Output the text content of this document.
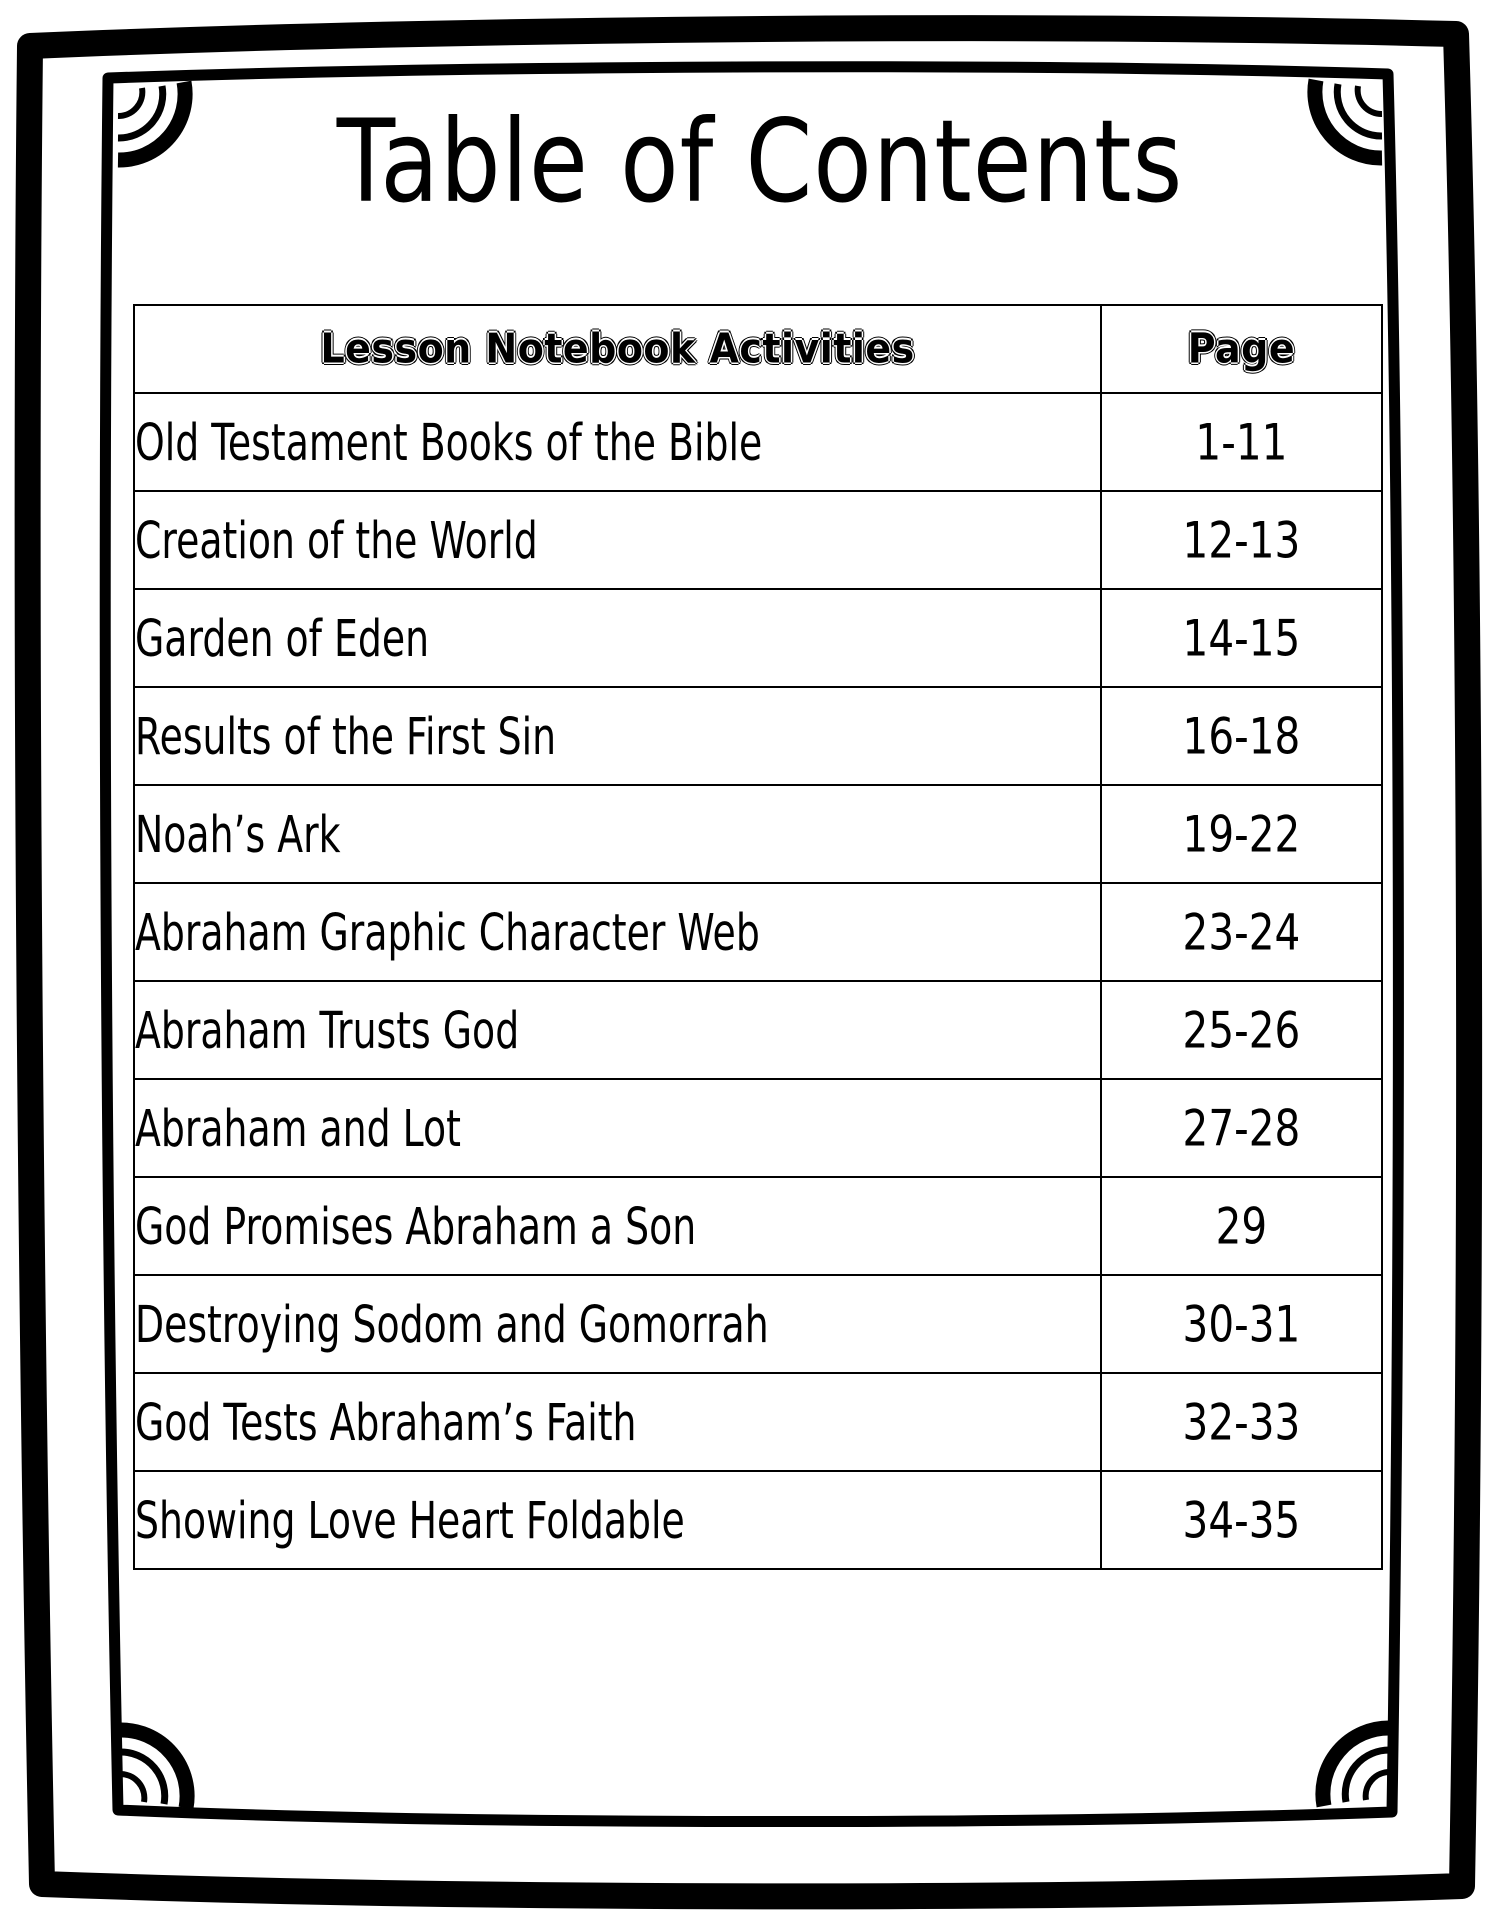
Table of Contents
Lesson Notebook Activities	Page

Old Testament Books of the Bible	1-11

Creation of the World	12-13

Garden of Eden	14-15

Results of the First Sin	16-18

Noah’s Ark	19-22

Abraham Graphic Character Web	23-24

Abraham Trusts God	25-26

Abraham and Lot	27-28

God Promises Abraham a Son	29

Destroying Sodom and Gomorrah	30-31

God Tests Abraham’s Faith	32-33

Showing Love Heart Foldable	34-35
